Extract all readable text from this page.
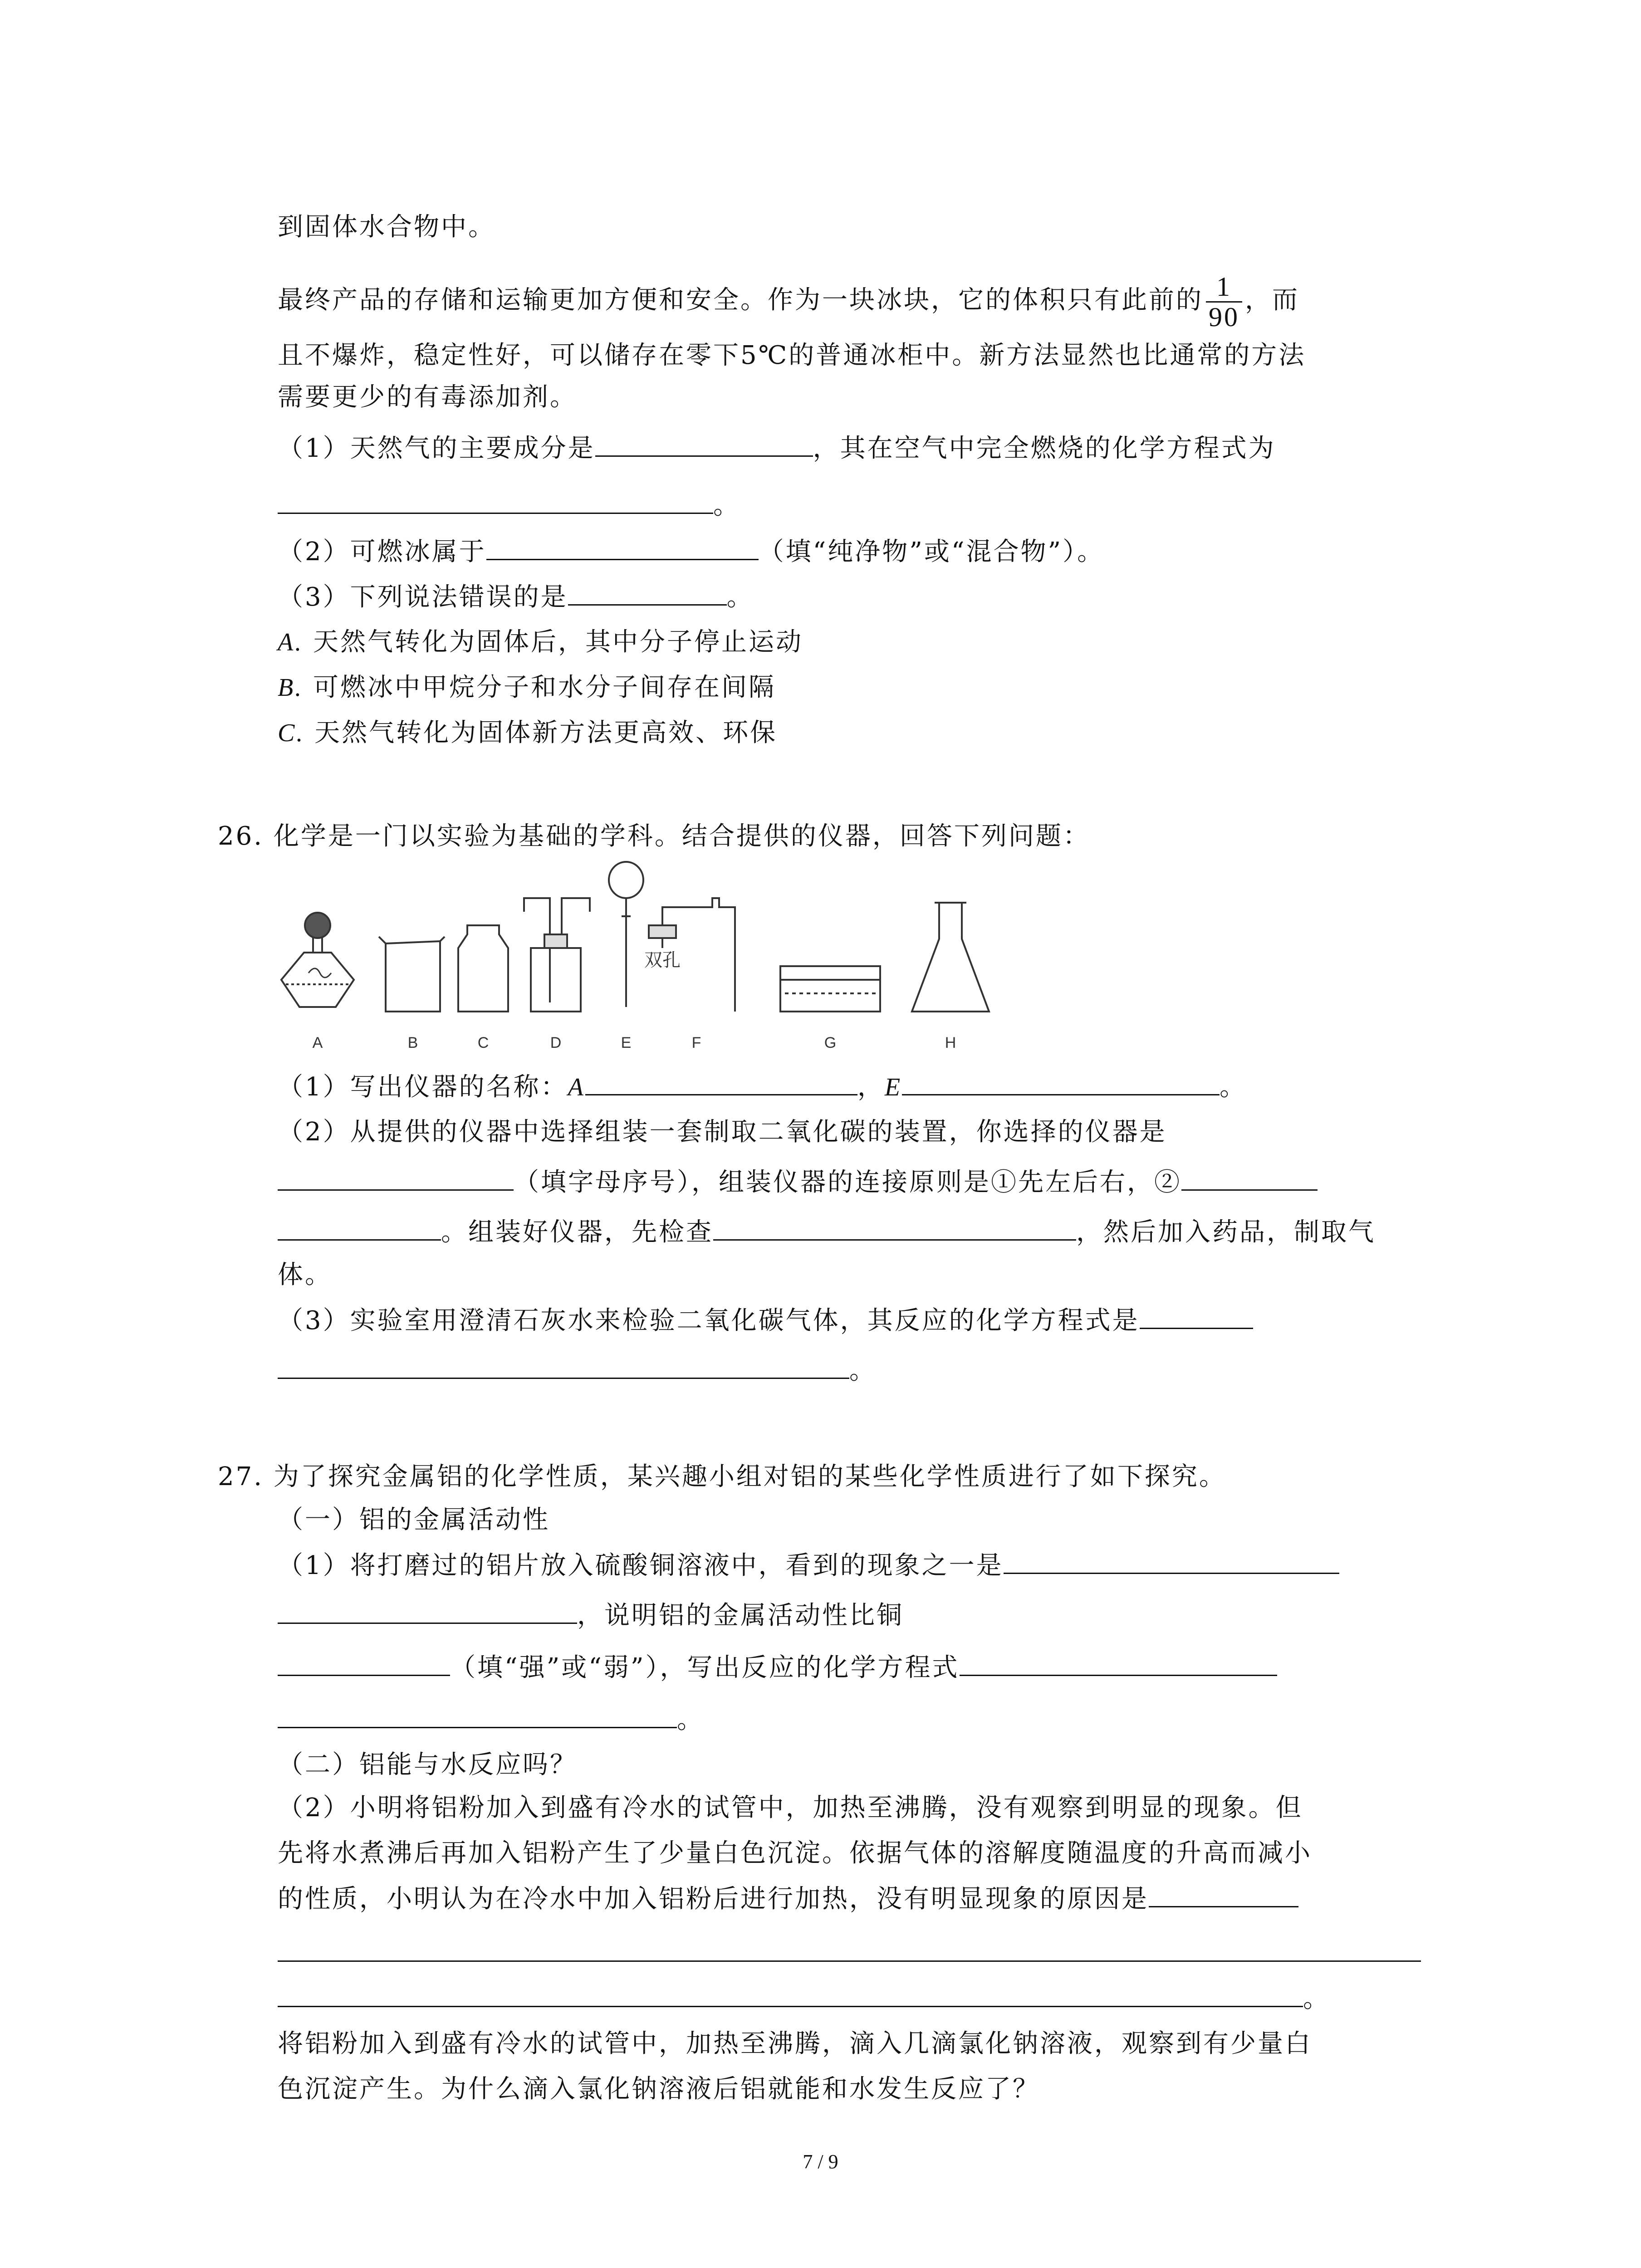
到固体水合物中。
最终产品的存储和运输更加方便和安全。作为一块冰块，它的体积只有此前的 $\frac{1}{90}$ ，而
且不爆炸，稳定性好，可以储存在零下5℃的普通冰柜中。新方法显然也比通常的方法
需要更少的有毒添加剂。
（1）天然气的主要成分是	，其在空气中完全燃烧的化学方程式为
。
（2）可燃冰属于	（填“纯净物”或“混合物”）。
（3）下列说法错误的是	。
A. 天然气转化为固体后，其中分子停止运动
B. 可燃冰中甲烷分子和水分子间存在间隔
C. 天然气转化为固体新方法更高效、环保
26. 化学是一门以实验为基础的学科。结合提供的仪器，回答下列问题：
双孔
A	B	C	D	E	F	G	H
（1）写出仪器的名称：A	，E	。
（2）从提供的仪器中选择组装一套制取二氧化碳的装置，你选择的仪器是
（填字母序号），组装仪器的连接原则是①先左后右，②
。组装好仪器，先检查	，然后加入药品，制取气
体。
（3）实验室用澄清石灰水来检验二氧化碳气体，其反应的化学方程式是
。
27. 为了探究金属铝的化学性质，某兴趣小组对铝的某些化学性质进行了如下探究。
（一）铝的金属活动性
（1）将打磨过的铝片放入硫酸铜溶液中，看到的现象之一是
，说明铝的金属活动性比铜
（填“强”或“弱”），写出反应的化学方程式
。
（二）铝能与水反应吗？
（2）小明将铝粉加入到盛有冷水的试管中，加热至沸腾，没有观察到明显的现象。但
先将水煮沸后再加入铝粉产生了少量白色沉淀。依据气体的溶解度随温度的升高而减小
的性质，小明认为在冷水中加入铝粉后进行加热，没有明显现象的原因是
。
将铝粉加入到盛有冷水的试管中，加热至沸腾，滴入几滴氯化钠溶液，观察到有少量白
色沉淀产生。为什么滴入氯化钠溶液后铝就能和水发生反应了？
7 / 9
